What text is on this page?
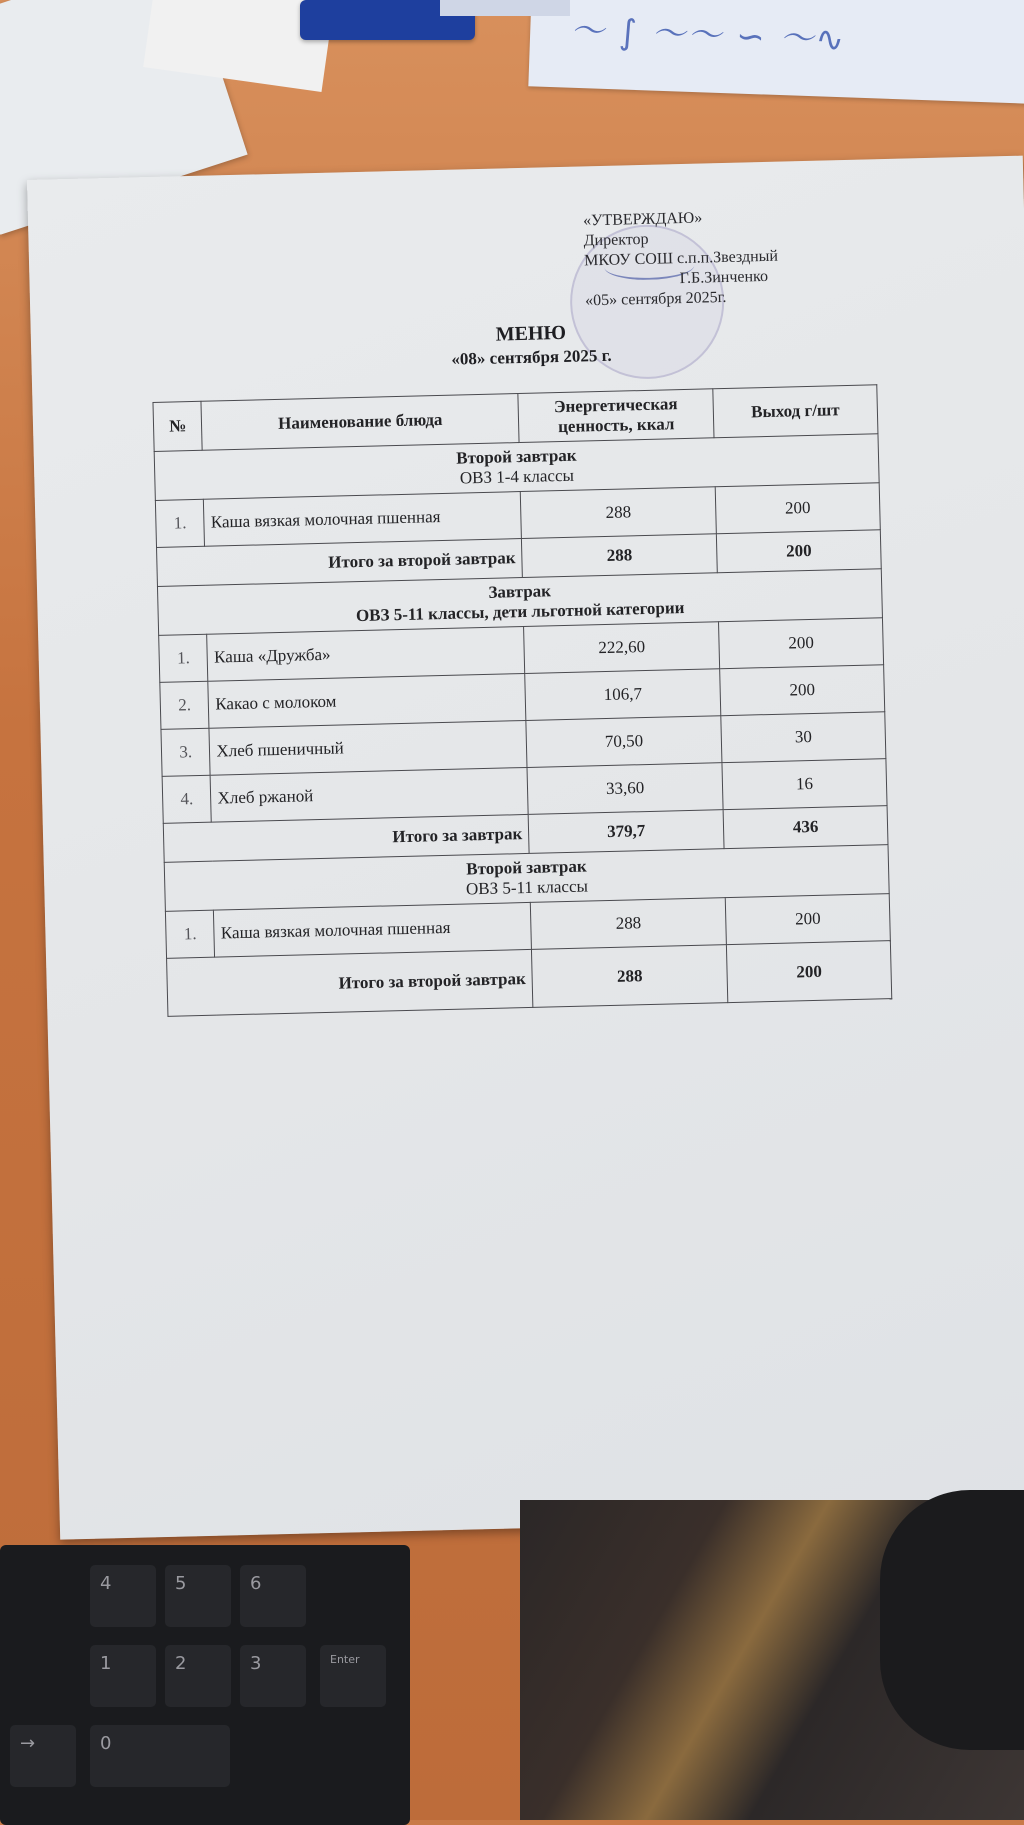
～ ∫ ～～ ∽ ～∿
«УТВЕРЖДАЮ»
Директор
МКОУ СОШ с.п.п.Звездный
Г.Б.Зинченко
«05» сентября 2025г.
МЕНЮ
«08» сентября 2025 г.
№	Наименование блюда	Энергетическая ценность, ккал	Выход г/шт

Второй завтрак
ОВЗ 1-4 классы			

1.	Каша вязкая молочная пшенная	288	200
Итого за второй завтрак		288	200

Завтрак
ОВЗ 5-11 классы, дети льготной категории			

1.	Каша «Дружба»	222,60	200
2.	Какао с молоком	106,7	200
3.	Хлеб пшеничный	70,50	30
4.	Хлеб ржаной	33,60	16
Итого за завтрак		379,7	436

Второй завтрак
ОВЗ 5-11 классы			

1.	Каша вязкая молочная пшенная	288	200
Итого за второй завтрак		288	200
4	5	6
1	2	3	Enter
0
→
